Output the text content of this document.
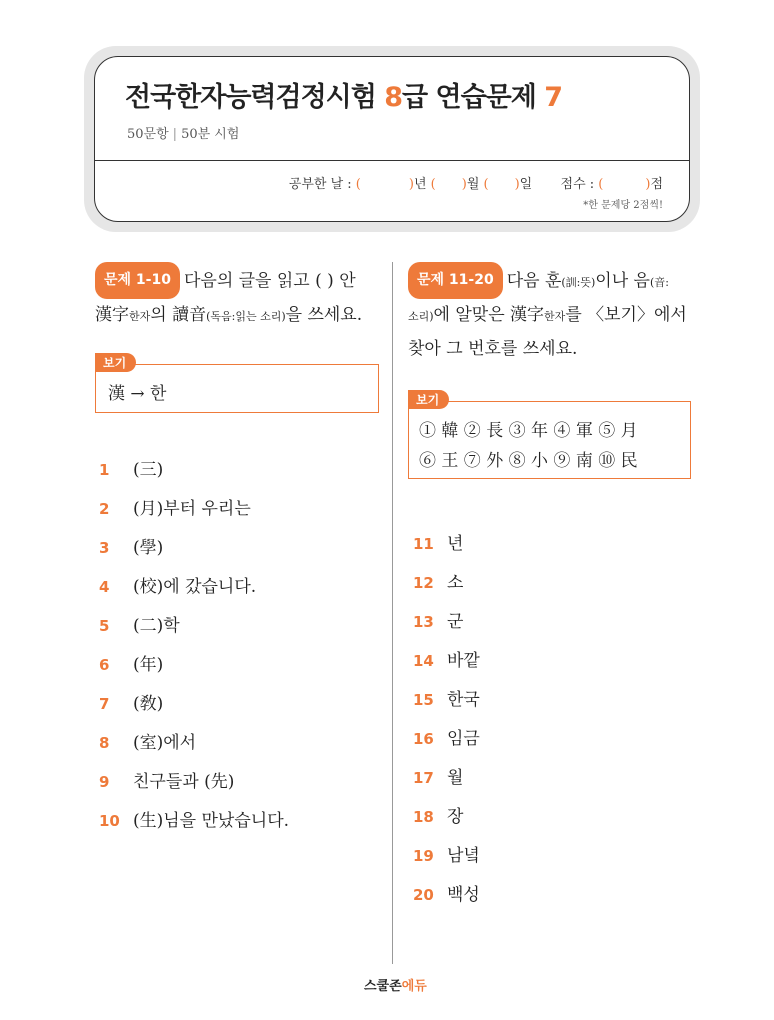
전국한자능력검정시험 8급 연습문제 7
50문항 | 50분 시험
공부한 날 : (	)년 ( )월 ( )일 점수 : (	)점
*한 문제당 2점씩!
문제 1-10 다음의 글을 읽고 ( ) 안
漢字한자의 讀音(독음:읽는 소리)을 쓰세요.
보기
漢 → 한
1 (三)
2 (月)부터 우리는
3 (學)
4 (校)에 갔습니다.
5 (二)학
6 (年)
7 (敎)
8 (室)에서
9 친구들과 (先)
10 (生)님을 만났습니다.
문제 11-20 다음 훈(訓:뜻)이나 음(音:
소리)에 알맞은 漢字한자를 〈보기〉에서
찾아 그 번호를 쓰세요.
보기
① 韓 ② 長 ③ 年 ④ 軍 ⑤ 月
⑥ 王 ⑦ 外 ⑧ 小 ⑨ 南 ⑩ 民
11 년
12 소
13 군
14 바깥
15 한국
16 임금
17 월
18 장
19 남녘
20 백성
스쿨존에듀
